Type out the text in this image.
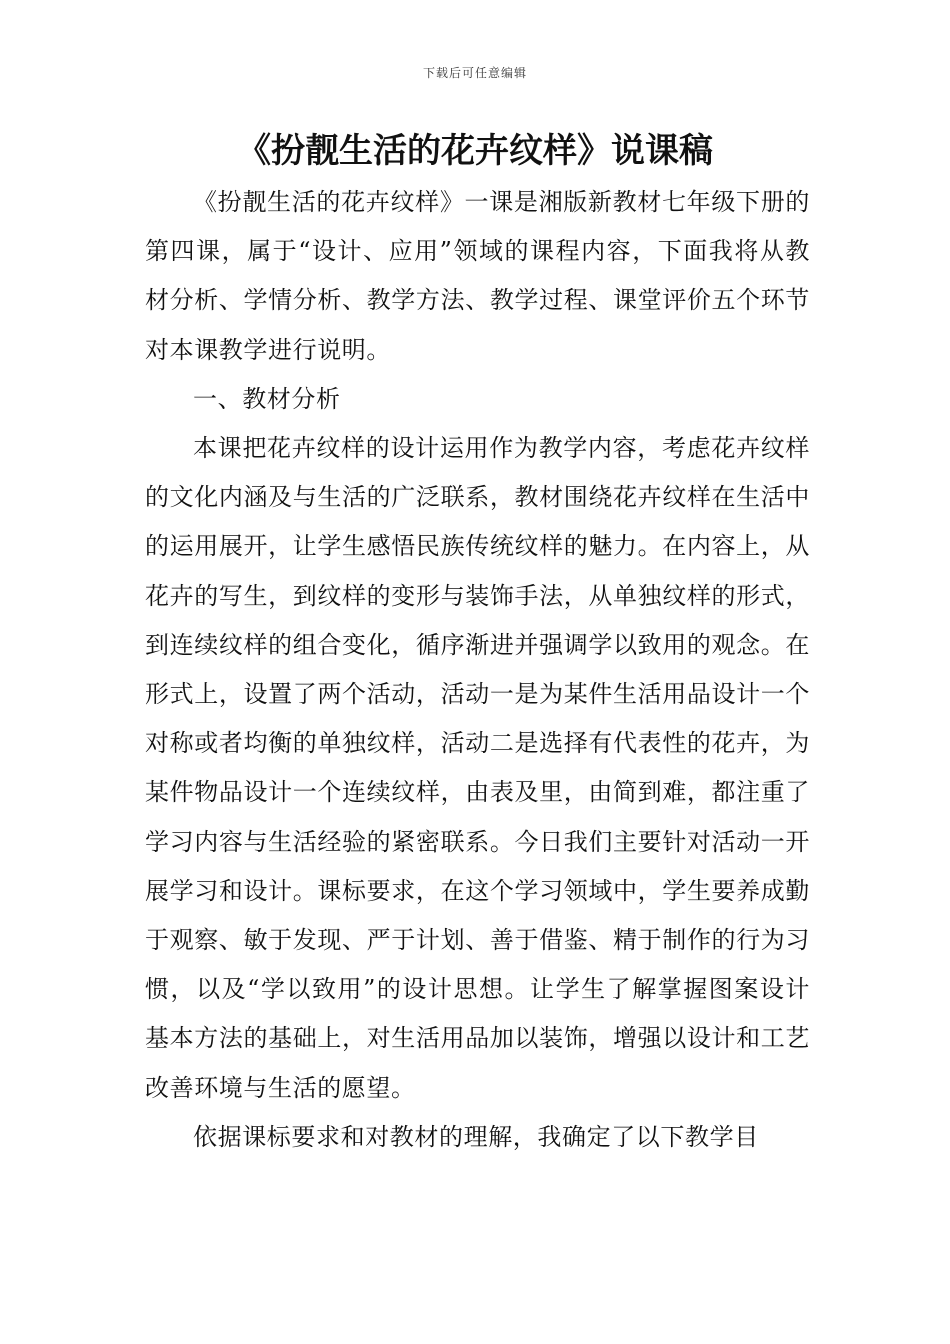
下载后可任意编辑
《扮靓生活的花卉纹样》说课稿

《扮靓生活的花卉纹样》一课是湘版新教材七年级下册的第四课，属于“设计、应用”领域的课程内容，下面我将从教材分析、学情分析、教学方法、教学过程、课堂评价五个环节对本课教学进行说明。

一、教材分析

本课把花卉纹样的设计运用作为教学内容，考虑花卉纹样的文化内涵及与生活的广泛联系，教材围绕花卉纹样在生活中的运用展开，让学生感悟民族传统纹样的魅力。在内容上，从花卉的写生，到纹样的变形与装饰手法，从单独纹样的形式，到连续纹样的组合变化，循序渐进并强调学以致用的观念。在形式上，设置了两个活动，活动一是为某件生活用品设计一个对称或者均衡的单独纹样，活动二是选择有代表性的花卉，为某件物品设计一个连续纹样，由表及里，由简到难，都注重了学习内容与生活经验的紧密联系。今日我们主要针对活动一开展学习和设计。课标要求，在这个学习领域中，学生要养成勤于观察、敏于发现、严于计划、善于借鉴、精于制作的行为习惯，以及“学以致用”的设计思想。让学生了解掌握图案设计基本方法的基础上，对生活用品加以装饰，增强以设计和工艺改善环境与生活的愿望。

依据课标要求和对教材的理解，我确定了以下教学目
